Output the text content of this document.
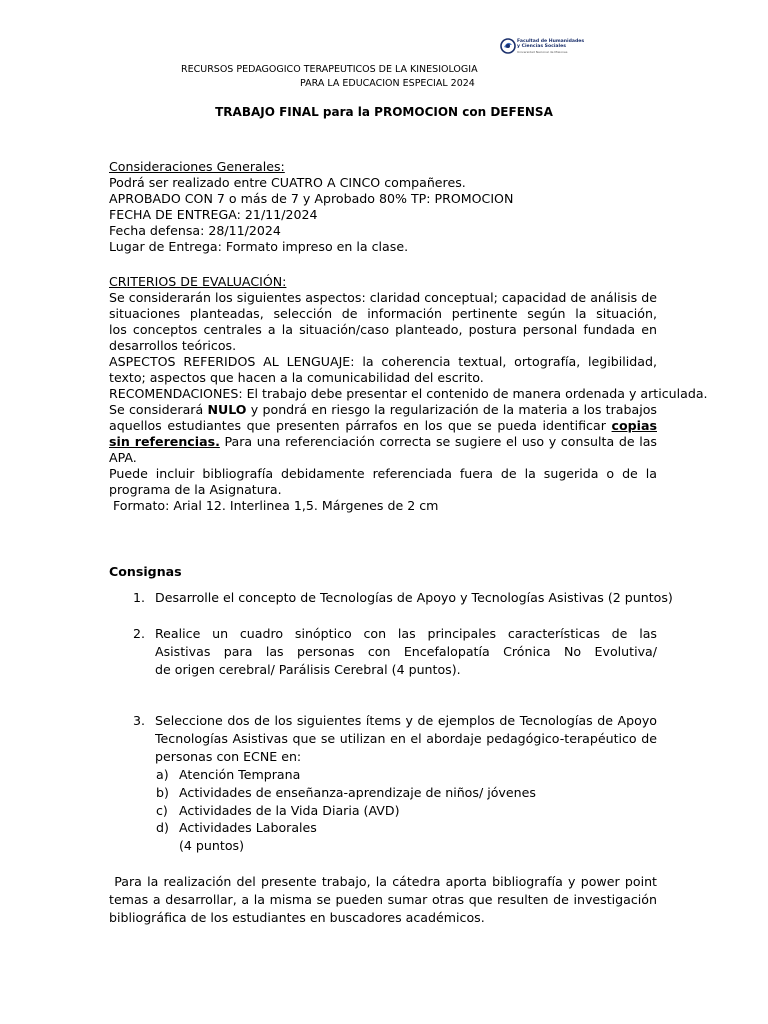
Facultad de Humanidades
y Ciencias Sociales
Universidad Nacional de Misiones
RECURSOS PEDAGOGICO TERAPEUTICOS DE LA KINESIOLOGIA
PARA LA EDUCACION ESPECIAL 2024
TRABAJO FINAL para la PROMOCION con DEFENSA
Consideraciones Generales:
Podrá ser realizado entre CUATRO A CINCO compañeres.
APROBADO CON 7 o más de 7 y Aprobado 80% TP: PROMOCION
FECHA DE ENTREGA: 21/11/2024
Fecha defensa: 28/11/2024
Lugar de Entrega: Formato impreso en la clase.
CRITERIOS DE EVALUACIÓN:
Se considerarán los siguientes aspectos: claridad conceptual; capacidad de análisis de
situaciones planteadas, selección de información pertinente según la situación,
los conceptos centrales a la situación/caso planteado, postura personal fundada en
desarrollos teóricos.
ASPECTOS REFERIDOS AL LENGUAJE: la coherencia textual, ortografía, legibilidad,
texto; aspectos que hacen a la comunicabilidad del escrito.
RECOMENDACIONES: El trabajo debe presentar el contenido de manera ordenada y articulada.
Se considerará NULO y pondrá en riesgo la regularización de la materia a los trabajos
aquellos estudiantes que presenten párrafos en los que se pueda identificar copias
sin referencias. Para una referenciación correcta se sugiere el uso y consulta de las
APA.
Puede incluir bibliografía debidamente referenciada fuera de la sugerida o de la
programa de la Asignatura.
Formato: Arial 12. Interlinea 1,5. Márgenes de 2 cm
Consignas
1. Desarrolle el concepto de Tecnologías de Apoyo y Tecnologías Asistivas (2 puntos)
2. Realice un cuadro sinóptico con las principales características de las
Asistivas para las personas con Encefalopatía Crónica No Evolutiva/
de origen cerebral/ Parálisis Cerebral (4 puntos).
3. Seleccione dos de los siguientes ítems y de ejemplos de Tecnologías de Apoyo
Tecnologías Asistivas que se utilizan en el abordaje pedagógico-terapéutico de
personas con ECNE en:
a) Atención Temprana
b) Actividades de enseñanza-aprendizaje de niños/ jóvenes
c) Actividades de la Vida Diaria (AVD)
d) Actividades Laborales
(4 puntos)
Para la realización del presente trabajo, la cátedra aporta bibliografía y power point
temas a desarrollar, a la misma se pueden sumar otras que resulten de investigación
bibliográfica de los estudiantes en buscadores académicos.
